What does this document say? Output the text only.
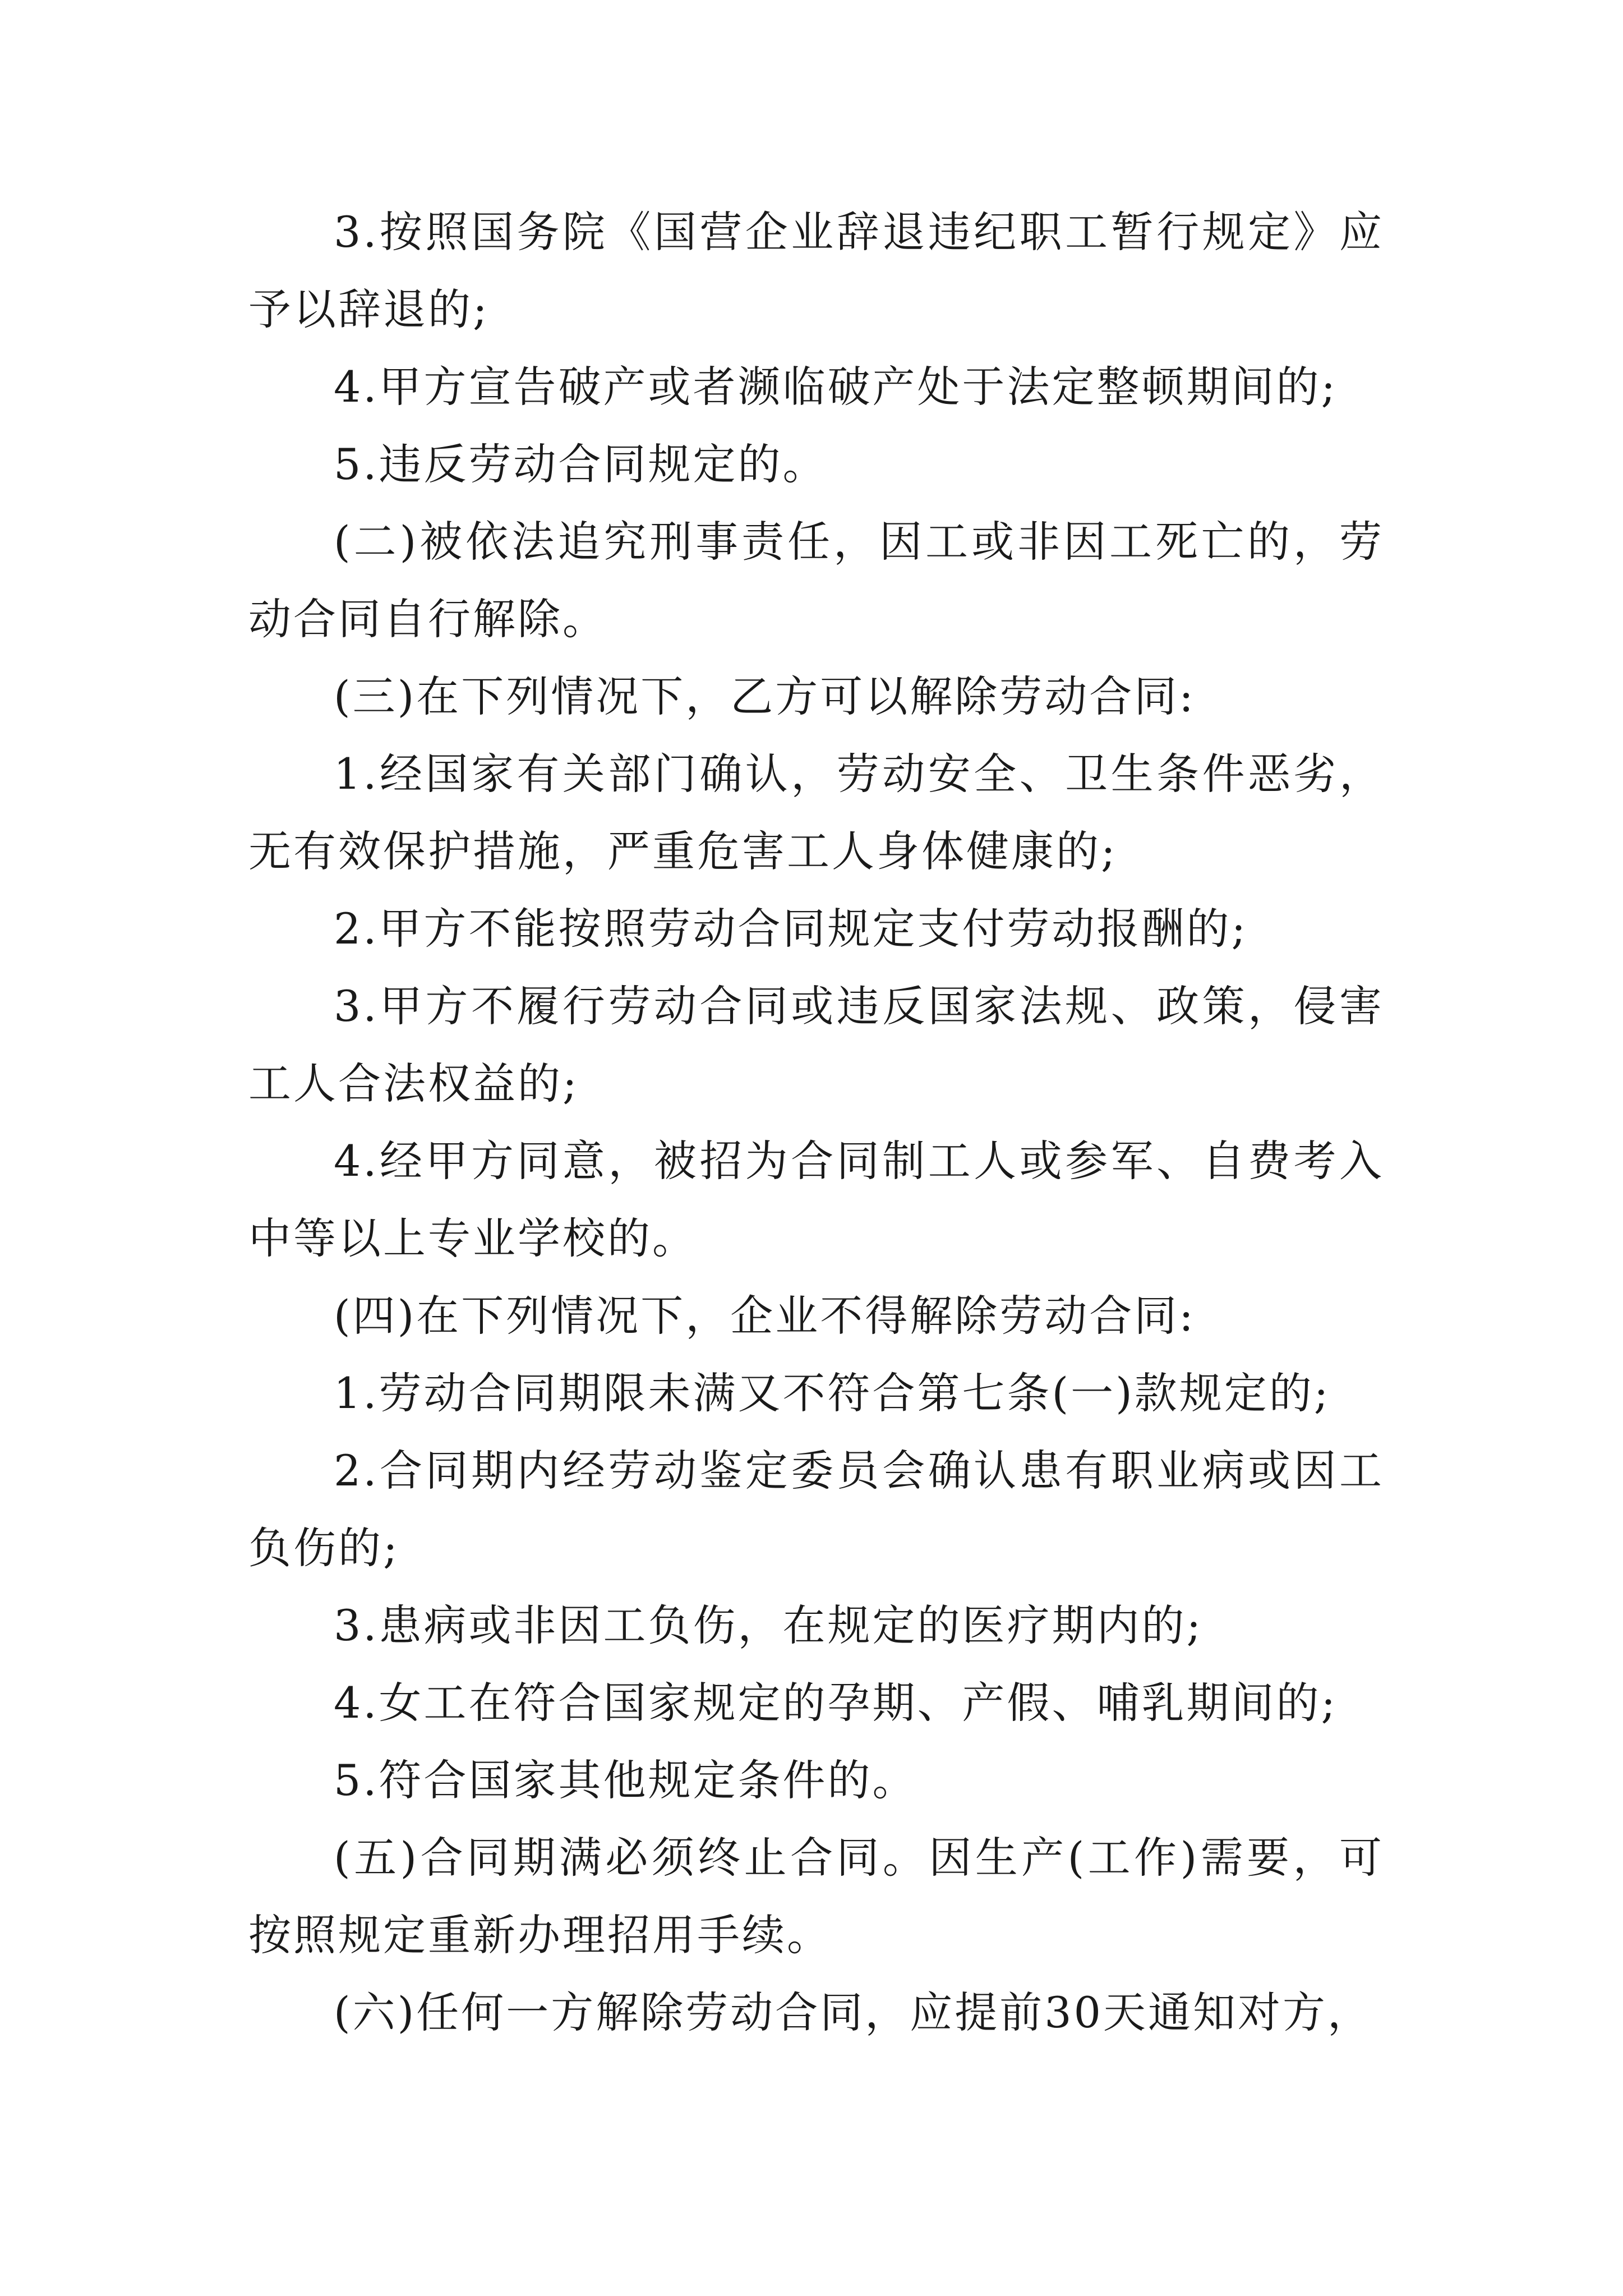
3.按照国务院《国营企业辞退违纪职工暂行规定》应予以辞退的;

4.甲方宣告破产或者濒临破产处于法定整顿期间的;

5.违反劳动合同规定的。

(二)被依法追究刑事责任，因工或非因工死亡的，劳动合同自行解除。

(三)在下列情况下，乙方可以解除劳动合同:

1.经国家有关部门确认，劳动安全、卫生条件恶劣，无有效保护措施，严重危害工人身体健康的;

2.甲方不能按照劳动合同规定支付劳动报酬的;

3.甲方不履行劳动合同或违反国家法规、政策，侵害工人合法权益的;

4.经甲方同意，被招为合同制工人或参军、自费考入中等以上专业学校的。

(四)在下列情况下，企业不得解除劳动合同:

1.劳动合同期限未满又不符合第七条(一)款规定的;

2.合同期内经劳动鉴定委员会确认患有职业病或因工负伤的;

3.患病或非因工负伤，在规定的医疗期内的;

4.女工在符合国家规定的孕期、产假、哺乳期间的;

5.符合国家其他规定条件的。

(五)合同期满必须终止合同。因生产(工作)需要，可按照规定重新办理招用手续。

(六)任何一方解除劳动合同，应提前30天通知对方，
